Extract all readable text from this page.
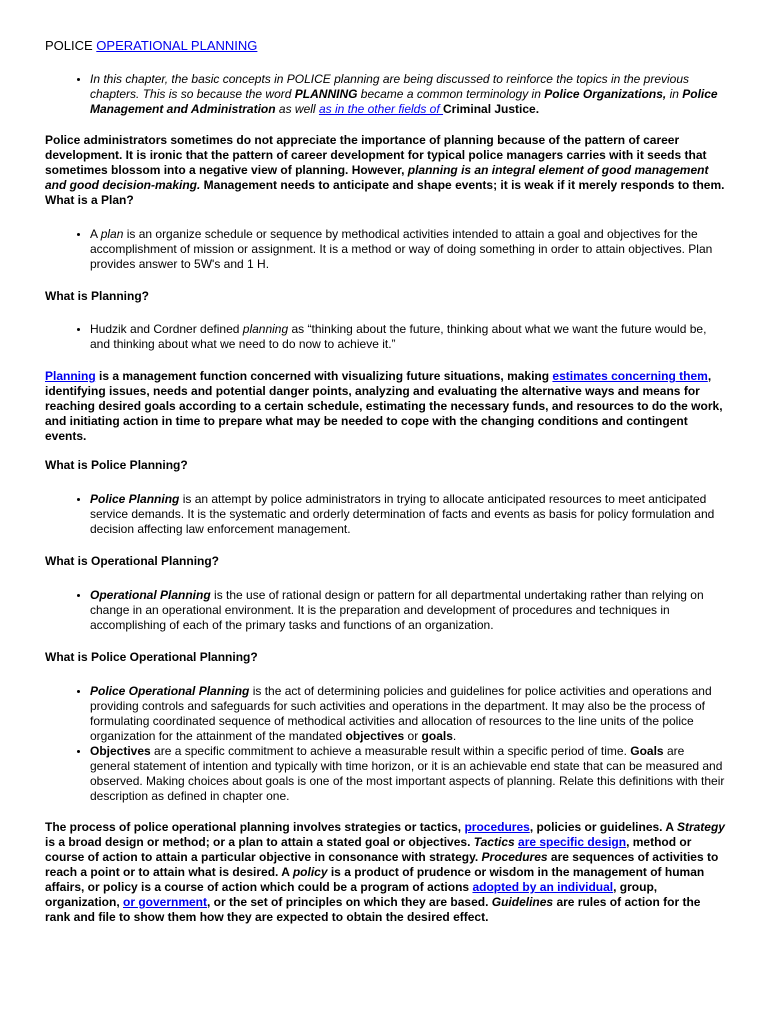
POLICE OPERATIONAL PLANNING
• In this chapter, the basic concepts in POLICE planning are being discussed to reinforce the topics in the previous chapters. This is so because the word PLANNING became a common terminology in Police Organizations, in Police Management and Administration as well as in the other fields of Criminal Justice.

Police administrators sometimes do not appreciate the importance of planning because of the pattern of career development. It is ironic that the pattern of career development for typical police managers carries with it seeds that sometimes blossom into a negative view of planning. However, planning is an integral element of good management and good decision-making. Management needs to anticipate and shape events; it is weak if it merely responds to them.

What is a Plan?

• A plan is an organize schedule or sequence by methodical activities intended to attain a goal and objectives for the accomplishment of mission or assignment. It is a method or way of doing something in order to attain objectives. Plan provides answer to 5W's and 1 H.

What is Planning?

• Hudzik and Cordner defined planning as “thinking about the future, thinking about what we want the future would be, and thinking about what we need to do now to achieve it.”

Planning is a management function concerned with visualizing future situations, making estimates concerning them, identifying issues, needs and potential danger points, analyzing and evaluating the alternative ways and means for reaching desired goals according to a certain schedule, estimating the necessary funds, and resources to do the work, and initiating action in time to prepare what may be needed to cope with the changing conditions and contingent events.

What is Police Planning?

• Police Planning is an attempt by police administrators in trying to allocate anticipated resources to meet anticipated service demands. It is the systematic and orderly determination of facts and events as basis for policy formulation and decision affecting law enforcement management.

What is Operational Planning?

• Operational Planning is the use of rational design or pattern for all departmental undertaking rather than relying on change in an operational environment. It is the preparation and development of procedures and techniques in accomplishing of each of the primary tasks and functions of an organization.

What is Police Operational Planning?

• Police Operational Planning is the act of determining policies and guidelines for police activities and operations and providing controls and safeguards for such activities and operations in the department. It may also be the process of formulating coordinated sequence of methodical activities and allocation of resources to the line units of the police organization for the attainment of the mandated objectives or goals.
• Objectives are a specific commitment to achieve a measurable result within a specific period of time. Goals are general statement of intention and typically with time horizon, or it is an achievable end state that can be measured and observed. Making choices about goals is one of the most important aspects of planning. Relate this definitions with their description as defined in chapter one.

The process of police operational planning involves strategies or tactics, procedures, policies or guidelines. A Strategy is a broad design or method; or a plan to attain a stated goal or objectives. Tactics are specific design, method or course of action to attain a particular objective in consonance with strategy. Procedures are sequences of activities to reach a point or to attain what is desired. A policy is a product of prudence or wisdom in the management of human affairs, or policy is a course of action which could be a program of actions adopted by an individual, group, organization, or government, or the set of principles on which they are based. Guidelines are rules of action for the rank and file to show them how they are expected to obtain the desired effect.
